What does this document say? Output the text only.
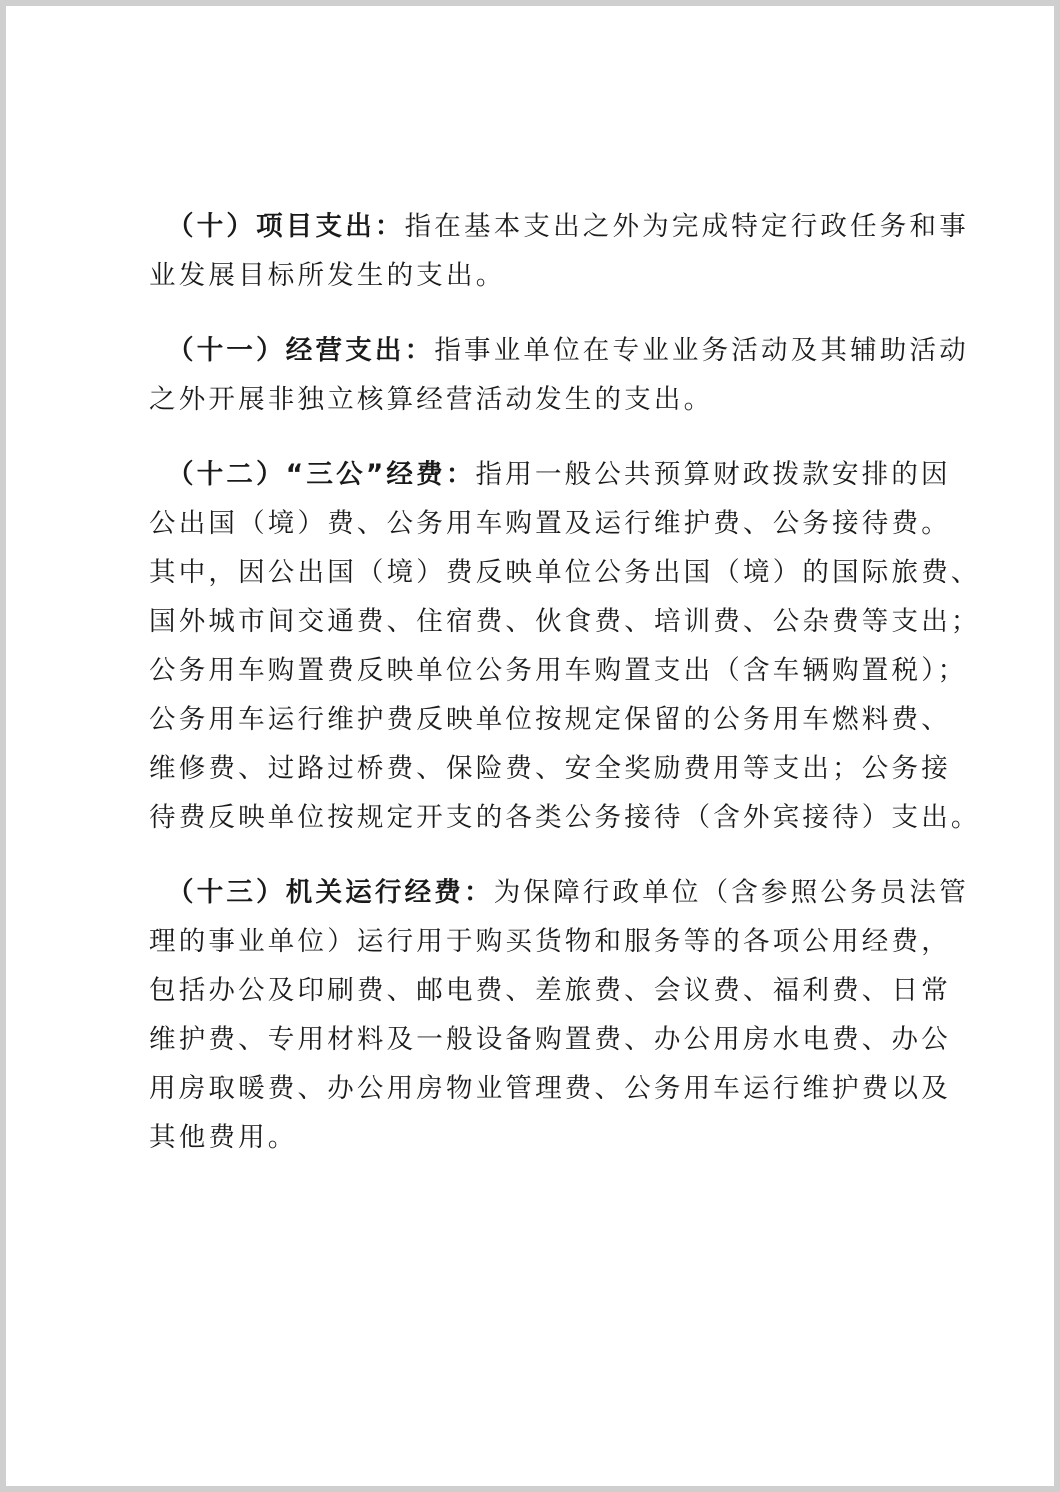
（十）项目支出：指在基本支出之外为完成特定行政任务和事
业发展目标所发生的支出。
（十一）经营支出：指事业单位在专业业务活动及其辅助活动
之外开展非独立核算经营活动发生的支出。
（十二）“三公”经费：指用一般公共预算财政拨款安排的因
公出国（境）费、公务用车购置及运行维护费、公务接待费。
其中，因公出国（境）费反映单位公务出国（境）的国际旅费、
国外城市间交通费、住宿费、伙食费、培训费、公杂费等支出；
公务用车购置费反映单位公务用车购置支出（含车辆购置税）；
公务用车运行维护费反映单位按规定保留的公务用车燃料费、
维修费、过路过桥费、保险费、安全奖励费用等支出；公务接
待费反映单位按规定开支的各类公务接待（含外宾接待）支出。
（十三）机关运行经费：为保障行政单位（含参照公务员法管
理的事业单位）运行用于购买货物和服务等的各项公用经费，
包括办公及印刷费、邮电费、差旅费、会议费、福利费、日常
维护费、专用材料及一般设备购置费、办公用房水电费、办公
用房取暖费、办公用房物业管理费、公务用车运行维护费以及
其他费用。
